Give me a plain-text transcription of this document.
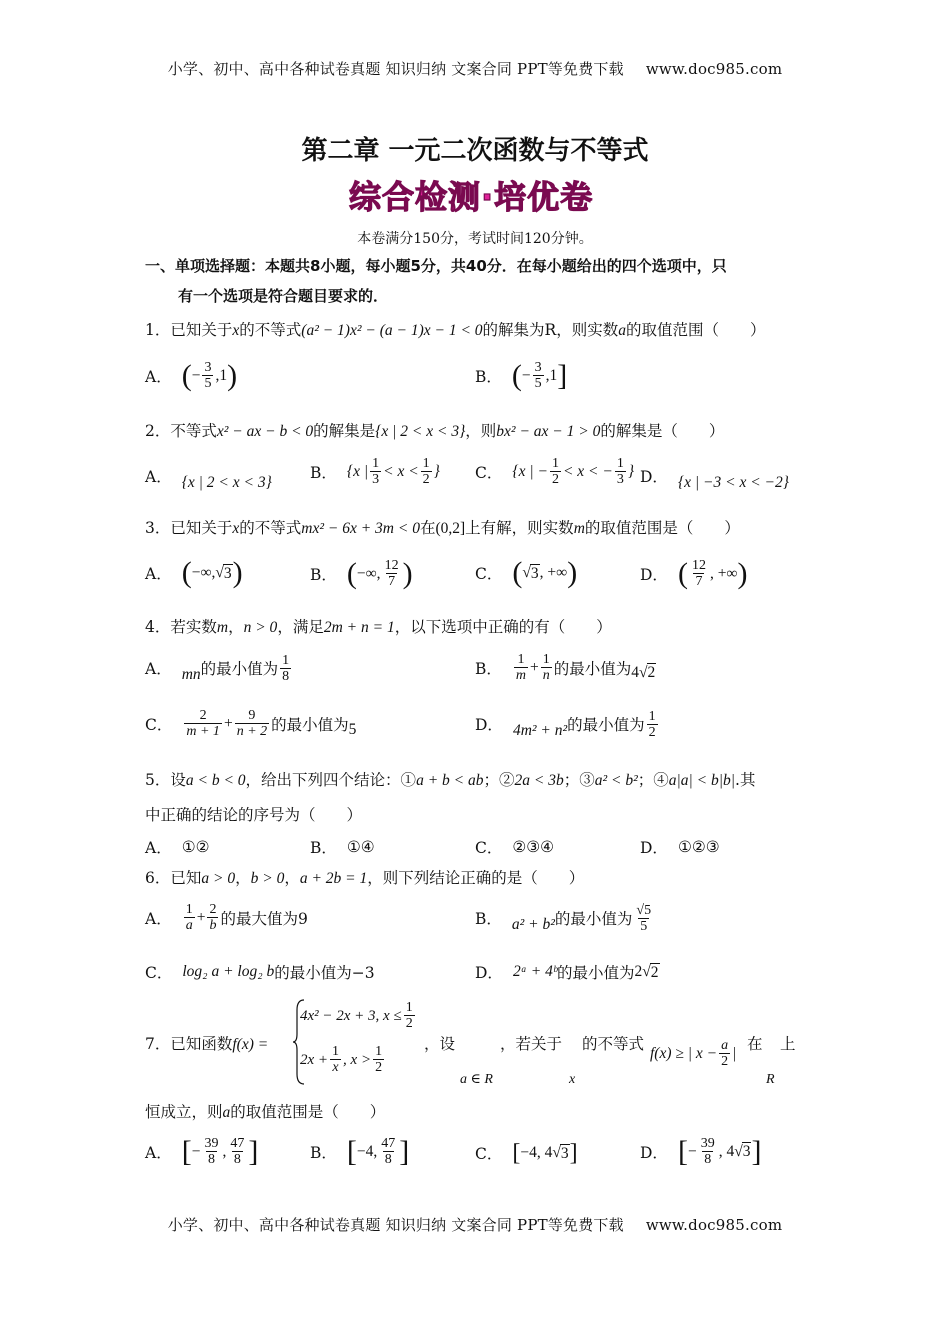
小学、初中、高中各种试卷真题 知识归纳 文案合同 PPT等免费下载 www.doc985.com
第二章 一元二次函数与不等式
综合检测·培优卷
本卷满分150分，考试时间120分钟。
一、单项选择题：本题共8小题，每小题5分，共40分．在每小题给出的四个选项中，只
有一个选项是符合题目要求的．
1．已知关于x的不等式(a² − 1)x² − (a − 1)x − 1 < 0的解集为R，则实数a的取值范围（　　）
A． ( − $\frac{3}{5} ,1$ )	B． ( − $\frac{3}{5} ,1$ ]
2．不等式x² − ax − b < 0的解集是{x | 2 < x < 3}，则bx² − ax − 1 > 0的解集是（　　）
A． {x | 2 < x < 3}
B． {x | $\frac{1}{3} < x < \frac{1}{2}$ } C． {x | − $\frac{1}{2} < x$ < − $\frac{1}{3}$ } D． {x | −3 < x < −2}
3．已知关于x的不等式mx² − 6x + 3m < 0在(0,2]上有解，则实数m的取值范围是（　　）
A． ( −∞, √ 3 )	B． ( −∞, $\frac{12}{7}$ )	C． ( √ 3 , +∞ )	D． ( $\frac{12}{7}$ , +∞ )
4．若实数m，n > 0，满足2m + n = 1，以下选项中正确的有（　　）
A． mn 的最小值为 $\frac{1}{8}$	B． $\frac{1}{m} + \frac{1}{n}$ 的最小值为 4 √ 2
C． $\frac{2}{m + 1} + \frac{9}{n + 2}$ 的最小值为 5	D． 4m² + n² 的最小值为 $\frac{1}{2}$
5．设a < b < 0，给出下列四个结论：①a + b < ab；②2a < 3b；③a² < b²；④a|a| < b|b|.其
中正确的结论的序号为（　　）
A． ①②	B． ①④	C． ②③④	D． ①②③
6．已知a > 0，b > 0，a + 2b = 1，则下列结论正确的是（　　）
A． $\frac{1}{a} + \frac{2}{b}$ 的最大值为9	B． a² + b² 的最小值为 $\frac{√5}{5}$
C． log₂ a + log₂ b 的最小值为−3	D． 2ᵃ + 4ᵇ 的最小值为 2 √ 2
7．已知函数f(x) =
4x² − 2x + 3, $x \le \frac{1}{2}$
$2x + \frac{1}{x}$ , $x > \frac{1}{2}$	，设
a ∈ R
，若关于
x
的不等式 f(x) ≥ | $x - \frac{a}{2}$ | 在
R
上
恒成立，则a的取值范围是（　　）
A． [ − $\frac{39}{8}$ , $\frac{47}{8}$ ]	B． [ −4, $\frac{47}{8}$ ]	C． [ −4, 4 √ 3 ]	D． [ − $\frac{39}{8}$ , 4 √ 3 ]
小学、初中、高中各种试卷真题 知识归纳 文案合同 PPT等免费下载 www.doc985.com
